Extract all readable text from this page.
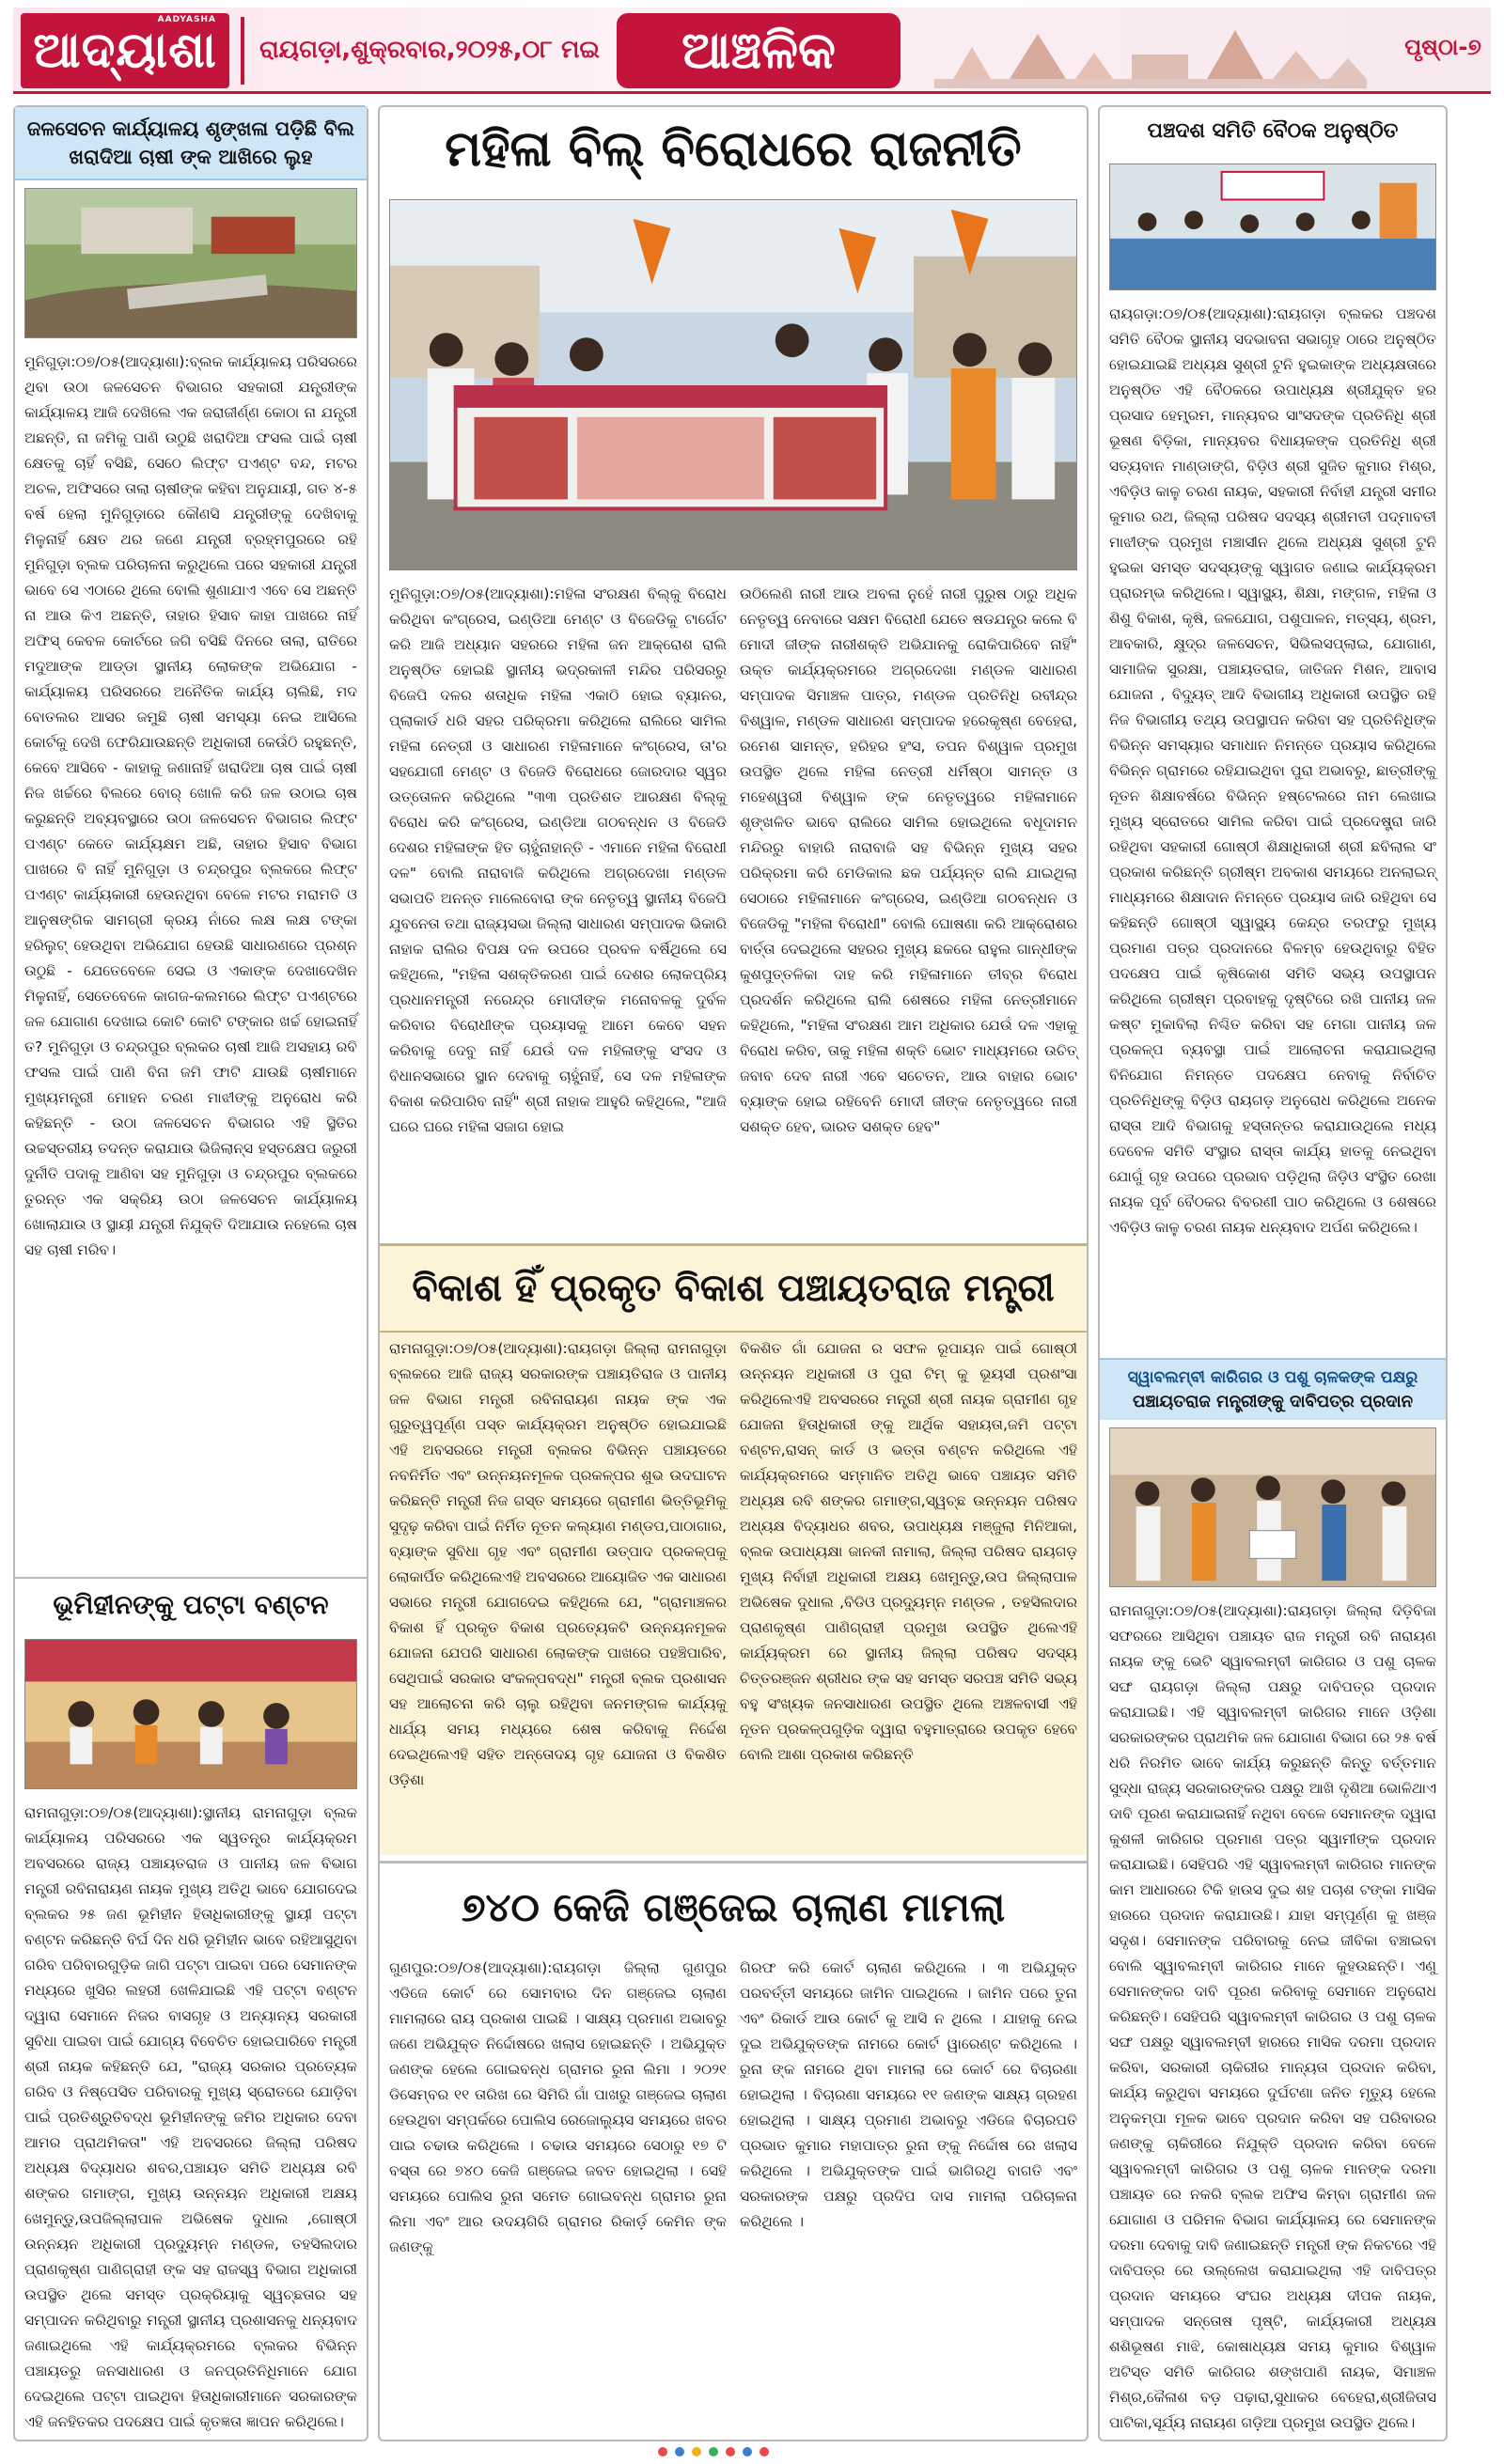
AADYASHA
ଆଦ୍ୟାଶା	ରାୟଗଡ଼ା,ଶୁକ୍ରବାର,୨୦୨୫,୦୮ ମଇ	ଆଞ୍ଚଳିକ	ପୃଷ୍ଠା-୭
ଜଳସେଚନ କାର୍ଯ୍ୟାଳୟ ଶୃଙ୍ଖଳା ପଡ଼ିଛି ବିଲ ଖରାଦିଆ ଚାଷୀ ଙ୍କ ଆଖିରେ ଲୁହ
ମୁନିଗୁଡ଼ା:୦୭/୦୫(ଆଦ୍ୟାଶା):ବ୍ଲକ କାର୍ଯ୍ୟାଳୟ ପରିସରରେ ଥିବା ଉଠା ଜଳସେଚନ ବିଭାଗର ସହକାରୀ ଯନ୍ତ୍ରୀଙ୍କ କାର୍ଯ୍ୟାଳୟ ଆଜି ଦେଖିଲେ ଏକ ଜରାଜୀର୍ଣ୍ଣ କୋଠା ନା ଯନ୍ତ୍ରୀ ଅଛନ୍ତି, ନା ଜମିକୁ ପାଣି ଉଠୁଛି ଖରାଦିଆ ଫସଲ ପାଇଁ ଚାଷୀ କ୍ଷେତକୁ ଚାହିଁ ବସିଛି, ସେଠେ ଲିଫ୍ଟ ପଏଣ୍ଟ ବନ୍ଦ, ମଟର ଅଚଳ, ଅଫିସରେ ତାଲା ଚାଷୀଙ୍କ କହିବା ଅନୁଯାୟୀ, ଗତ ୪-୫ ବର୍ଷ ହେଲା ମୁନିଗୁଡ଼ାରେ କୌଣସି ଯନ୍ତ୍ରୀଙ୍କୁ ଦେଖିବାକୁ ମିଳୁନାହିଁ କ୍ଷେତ ଥର ଜଣେ ଯନ୍ତ୍ରୀ ବ୍ରହ୍ମପୁରରେ ରହି ମୁନିଗୁଡ଼ା ବ୍ଲକ ପରିଚାଳନା କରୁଥିଲେ ପରେ ସହକାରୀ ଯନ୍ତ୍ରୀ ଭାବେ ସେ ଏଠାରେ ଥିଲେ ବୋଲି ଶୁଣାଯାଏ ଏବେ ସେ ଅଛନ୍ତି ନା ଆଉ କିଏ ଅଛନ୍ତି, ତାହାର ହିସାବ କାହା ପାଖରେ ନାହିଁ ଅଫିସ୍ କେବଳ କୋର୍ଟରେ ଜଗି ବସିଛି ଦିନରେ ତାଲା, ରାତିରେ ମଦୁଆଙ୍କ ଆଡ୍ଡା ସ୍ଥାନୀୟ ଲୋକଙ୍କ ଅଭିଯୋଗ - କାର୍ଯ୍ୟାଳୟ ପରିସରରେ ଅନୈତିକ କାର୍ଯ୍ୟ ଚାଲିଛି, ମଦ ବୋତଲର ଆସର ଜମୁଛି ଚାଷୀ ସମସ୍ୟା ନେଇ ଆସିଲେ କୋର୍ଟକୁ ଦେଖି ଫେରିଯାଉଛନ୍ତି ଅଧିକାରୀ କେଉଁଠି ରହୁଛନ୍ତି, କେବେ ଆସିବେ - କାହାକୁ ଜଣାନାହିଁ ଖରାଦିଆ ଚାଷ ପାଇଁ ଚାଷୀ ନିଜ ଖର୍ଚ୍ଚରେ ବିଲରେ ବୋର୍ ଖୋଳି କରି ଜଳ ଉଠାଇ ଚାଷ କରୁଛନ୍ତି ଅବ୍ୟବସ୍ଥାରେ ଉଠା ଜଳସେଚନ ବିଭାଗର ଲିଫ୍ଟ ପଏଣ୍ଟ କେତେ କାର୍ଯ୍ୟକ୍ଷମ ଅଛି, ତାହାର ହିସାବ ବିଭାଗ ପାଖରେ ବି ନାହିଁ ମୁନିଗୁଡ଼ା ଓ ଚନ୍ଦ୍ରପୁର ବ୍ଲକରେ ଲିଫ୍ଟ ପଏଣ୍ଟ କାର୍ଯ୍ୟକାରୀ ହେଉନଥିବା ବେଳେ ମଟର ମରାମତି ଓ ଆନୁଷଙ୍ଗିକ ସାମଗ୍ରୀ କ୍ରୟ ନାଁରେ ଲକ୍ଷ ଲକ୍ଷ ଟଙ୍କା ହରିଲୁଟ୍ ହେଉଥିବା ଅଭିଯୋଗ ହେଉଛି ସାଧାରଣରେ ପ୍ରଶ୍ନ ଉଠୁଛି - ଯେତେବେଳେ ସେଇ ଓ ଏକାଙ୍କ ଦେଖାଦେଖିନ ମିଳୁନାହିଁ, ସେତେବେଳେ କାଗଜ-କଲମରେ ଲିଫ୍ଟ ପଏଣ୍ଟରେ ଜଳ ଯୋଗାଣ ଦେଖାଇ କୋଟି କୋଟି ଟଙ୍କାର ଖର୍ଚ୍ଚ ହୋଇନାହିଁ ତ? ମୁନିଗୁଡ଼ା ଓ ଚନ୍ଦ୍ରପୁର ବ୍ଲକର ଚାଷୀ ଆଜି ଅସହାୟ ରବି ଫସଲ ପାଇଁ ପାଣି ବିନା ଜମି ଫାଟି ଯାଉଛି ଚାଷୀମାନେ ମୁଖ୍ୟମନ୍ତ୍ରୀ ମୋହନ ଚରଣ ମାଝୀଙ୍କୁ ଅନୁରୋଧ କରି କହିଛନ୍ତି - ଉଠା ଜଳସେଚନ ବିଭାଗର ଏହି ସ୍ଥିତିର ଉଚ୍ଚସ୍ତରୀୟ ତଦନ୍ତ କରାଯାଉ ଭିଜିଲାନ୍ସ ହସ୍ତକ୍ଷେପ ଜରୁରୀ ଦୁର୍ନୀତି ପଦାକୁ ଆଣିବା ସହ ମୁନିଗୁଡ଼ା ଓ ଚନ୍ଦ୍ରପୁର ବ୍ଲକରେ ତୁରନ୍ତ ଏକ ସକ୍ରିୟ ଉଠା ଜଳସେଚନ କାର୍ଯ୍ୟାଳୟ ଖୋଲାଯାଉ ଓ ସ୍ଥାୟୀ ଯନ୍ତ୍ରୀ ନିଯୁକ୍ତି ଦିଆଯାଉ ନହେଲେ ଚାଷ ସହ ଚାଷୀ ମରିବ।
ଭୂମିହୀନଙ୍କୁ ପଟ୍ଟା ବଣ୍ଟନ
ରାମନାଗୁଡ଼ା:୦୭/୦୫(ଆଦ୍ୟାଶା):ସ୍ଥାନୀୟ ରାମନାଗୁଡ଼ା ବ୍ଲକ କାର୍ଯ୍ୟାଳୟ ପରିସରରେ ଏକ ସ୍ୱତନ୍ତ୍ର କାର୍ଯ୍ୟକ୍ରମ ଅବସରରେ ରାଜ୍ୟ ପଞ୍ଚାୟତରାଜ ଓ ପାନୀୟ ଜଳ ବିଭାଗ ମନ୍ତ୍ରୀ ରବିନାରାୟଣ ନାୟକ ମୁଖ୍ୟ ଅତିଥି ଭାବେ ଯୋଗଦେଇ ବ୍ଲକର ୨୫ ଜଣ ଭୂମିହୀନ ହିତାଧିକାରୀଙ୍କୁ ସ୍ଥାୟୀ ପଟ୍ଟା ବଣ୍ଟନ କରିଛନ୍ତି ବିର୍ଘ ଦିନ ଧରି ଭୂମିହୀନ ଭାବେ ରହିଆସୁଥିବା ଗରିବ ପରିବାରଗୁଡ଼ିକ ଜାଗି ପଟ୍ଟା ପାଇବା ପରେ ସେମାନଙ୍କ ମଧ୍ୟରେ ଖୁସିର ଲହରୀ ଖେଳିଯାଇଛି ଏହି ପଟ୍ଟା ବଣ୍ଟନ ଦ୍ୱାରା ସେମାନେ ନିଜର ବାସଗୃହ ଓ ଅନ୍ୟାନ୍ୟ ସରକାରୀ ସୁବିଧା ପାଇବା ପାଇଁ ଯୋଗ୍ୟ ବିବେଚିତ ହୋଇପାରିବେ ମନ୍ତ୍ରୀ ଶ୍ରୀ ନାୟକ କହିଛନ୍ତି ଯେ, "ରାଜ୍ୟ ସରକାର ପ୍ରତ୍ୟେକ ଗରିବ ଓ ନିଷ୍ପେସିତ ପରିବାରକୁ ମୁଖ୍ୟ ସ୍ରୋତରେ ଯୋଡ଼ିବା ପାଇଁ ପ୍ରତିଶ୍ରୁତିବଦ୍ଧ ଭୂମିହୀନଙ୍କୁ ଜମିର ଅଧିକାର ଦେବା ଆମର ପ୍ରାଥମିକତା" ଏହି ଅବସରରେ ଜିଲ୍ଲା ପରିଷଦ ଅଧ୍ୟକ୍ଷ ବିଦ୍ୟାଧର ଶବର,ପଞ୍ଚାୟତ ସମିତି ଅଧ୍ୟକ୍ଷ ରବି ଶଙ୍କର ଗମାଙ୍ଗ, ମୁଖ୍ୟ ଉନ୍ନୟନ ଅଧିକାରୀ ଅକ୍ଷୟ ଖେମୁନ୍ଡୁ,ଉପଜିଲ୍ଲାପାଳ ଅଭିଷେକ ଦୁଧାଲ ,ଗୋଷ୍ଠୀ ଉନ୍ନୟନ ଅଧିକାରୀ ପ୍ରଦ୍ୟୁମ୍ନ ମଣ୍ଡଳ, ତହସିଲଦାର ପ୍ରାଣକୃଷ୍ଣ ପାଣିଗ୍ରାହୀ ଙ୍କ ସହ ରାଜସ୍ୱ ବିଭାଗ ଅଧିକାରୀ ଉପସ୍ଥିତ ଥିଲେ ସମସ୍ତ ପ୍ରକ୍ରିୟାକୁ ସ୍ୱଚ୍ଛତାର ସହ ସମ୍ପାଦନ କରିଥିବାରୁ ମନ୍ତ୍ରୀ ସ୍ଥାନୀୟ ପ୍ରଶାସନକୁ ଧନ୍ୟବାଦ ଜଣାଇଥିଲେ ଏହି କାର୍ଯ୍ୟକ୍ରମରେ ବ୍ଲକର ବିଭିନ୍ନ ପଞ୍ଚାୟତରୁ ଜନସାଧାରଣ ଓ ଜନପ୍ରତିନିଧିମାନେ ଯୋଗ ଦେଇଥିଲେ ପଟ୍ଟା ପାଇଥିବା ହିତାଧିକାରୀମାନେ ସରକାରଙ୍କ ଏହି ଜନହିତକର ପଦକ୍ଷେପ ପାଇଁ କୃତଜ୍ଞତା ଜ୍ଞାପନ କରିଥିଲେ।
ମହିଳା ବିଲ୍ ବିରୋଧରେ ରାଜନୀତି
ମୁନିଗୁଡ଼ା:୦୭/୦୫(ଆଦ୍ୟାଶା):ମହିଳା ସଂରକ୍ଷଣ ବିଲ୍‌କୁ ବିରୋଧ କରିଥିବା କଂଗ୍ରେସ, ଇଣ୍ଡିଆ ମେଣ୍ଟ ଓ ବିଜେଡିକୁ ଟାର୍ଗେଟ କରି ଆଜି ଅଧ୍ୟାନ ସହରରେ ମହିଳା ଜନ ଆକ୍ରୋଶ ରାଲି ଅନୁଷ୍ଠିତ ହୋଇଛି ସ୍ଥାନୀୟ ଭଦ୍ରକାଳୀ ମନ୍ଦିର ପରିସରରୁ ବିଜେପି ଦଳର ଶତାଧିକ ମହିଳା ଏକାଠି ହୋଇ ବ୍ୟାନର, ପ୍ଲାକାର୍ଡ ଧରି ସହର ପରିକ୍ରମା କରିଥିଲେ ରାଲିରେ ସାମିଲ ମହିଳା ନେତ୍ରୀ ଓ ସାଧାରଣ ମହିଳାମାନେ କଂଗ୍ରେସ, ତା'ର ସହଯୋଗୀ ମେଣ୍ଟ ଓ ବିଜେଡି ବିରୋଧରେ ଜୋରଦାର ସ୍ୱର ଉତ୍ତୋଳନ କରିଥିଲେ "୩୩ ପ୍ରତିଶତ ଆରକ୍ଷଣ ବିଲ୍‌କୁ ବିରୋଧ କରି କଂଗ୍ରେସ, ଇଣ୍ଡିଆ ଗଠବନ୍ଧନ ଓ ବିଜେଡି ଦେଶର ମହିଳାଙ୍କ ହିତ ଚାହୁଁନାହାନ୍ତି - ଏମାନେ ମହିଳା ବିରୋଧୀ ଦଳ" ବୋଲି ନାରାବାଜି କରିଥିଲେ ଅଗ୍ରଦେଖା ମଣ୍ଡଳ ସଭାପତି ଅନନ୍ତ ମାଲେବୋରା ଙ୍କ ନେତୃତ୍ୱ ସ୍ଥାନୀୟ ବିଜେପି ଯୁବନେତା ତଥା ରାଜ୍ୟସଭା ଜିଲ୍ଲା ସାଧାରଣ ସମ୍ପାଦକ ଭିକାରି ନାହାକ ରାଲିର ବିପକ୍ଷ ଦଳ ଉପରେ ପ୍ରବଳ ବର୍ଷିଥିଲେ ସେ କହିଥିଲେ, "ମହିଳା ସଶକ୍ତିକରଣ ପାଇଁ ଦେଶର ଲୋକପ୍ରିୟ ପ୍ରଧାନମନ୍ତ୍ରୀ ନରେନ୍ଦ୍ର ମୋଦୀଙ୍କ ମନୋବଳକୁ ଦୁର୍ବଳ କରିବାର ବିରୋଧୀଙ୍କ ପ୍ରୟାସକୁ ଆମେ କେବେ ସହନ କରିବାକୁ ଦେବୁ ନାହିଁ ଯେଉଁ ଦଳ ମହିଳାଙ୍କୁ ସଂସଦ ଓ ବିଧାନସଭାରେ ସ୍ଥାନ ଦେବାକୁ ଚାହୁଁନାହିଁ, ସେ ଦଳ ମହିଳାଙ୍କ ବିକାଶ କରିପାରିବ ନାହିଁ" ଶ୍ରୀ ନାହାକ ଆହୁରି କହିଥିଲେ, "ଆଜି ଘରେ ଘରେ ମହିଳା ସଜାଗ ହୋଇ
ଉଠିଲେଣି ନାରୀ ଆଉ ଅବଳା ନୁହେଁ ନାରୀ ପୁରୁଷ ଠାରୁ ଅଧିକ ନେତୃତ୍ୱ ନେବାରେ ସକ୍ଷମ ବିରୋଧୀ ଯେତେ ଷଡଯନ୍ତ୍ର କଲେ ବି ମୋଦୀ ଜୀଙ୍କ ନାରୀଶକ୍ତି ଅଭିଯାନକୁ ରୋକିପାରିବେ ନାହିଁ" ଉକ୍ତ କାର୍ଯ୍ୟକ୍ରମରେ ଅଗ୍ରଦେଖା ମଣ୍ଡଳ ସାଧାରଣ ସମ୍ପାଦକ ସିମାଞ୍ଚଳ ପାତ୍ର, ମଣ୍ଡଳ ପ୍ରତିନିଧି ରବୀନ୍ଦ୍ର ବିଶ୍ୱାଳ, ମଣ୍ଡଳ ସାଧାରଣ ସମ୍ପାଦକ ହରେକୃଷ୍ଣ ବେହେରା, ରମେଶ ସାମନ୍ତ, ହରିହର ହଂସ, ତପନ ବିଶ୍ୱାଳ ପ୍ରମୁଖ ଉପସ୍ଥିତ ଥିଲେ ମହିଳା ନେତ୍ରୀ ଧର୍ମିଷ୍ଠା ସାମନ୍ତ ଓ ମହେଶ୍ୱରୀ ବିଶ୍ୱାଳ ଙ୍କ ନେତୃତ୍ୱରେ ମହିଳାମାନେ ଶୃଙ୍ଖଳିତ ଭାବେ ରାଲିରେ ସାମିଲ ହୋଇଥିଲେ ବଧୂଦାମନ ମନ୍ଦିରରୁ ବାହାରି ନାରାବାଜି ସହ ବିଭିନ୍ନ ମୁଖ୍ୟ ସହର ପରିକ୍ରମା କରି ମେଡିକାଲ ଛକ ପର୍ଯ୍ୟନ୍ତ ରାଲି ଯାଇଥିଲା ସେଠାରେ ମହିଳାମାନେ କଂଗ୍ରେସ, ଇଣ୍ଡିଆ ଗଠବନ୍ଧନ ଓ ବିଜେଡିକୁ "ମହିଳା ବିରୋଧୀ" ବୋଲି ଘୋଷଣା କରି ଆକ୍ରୋଶର ବାର୍ତ୍ତା ଦେଇଥିଲେ ସହରର ମୁଖ୍ୟ ଛକରେ ରାହୁଲ ଗାନ୍ଧୀଙ୍କ କୁଶପୁତ୍ତଳିକା ଦାହ କରି ମହିଳାମାନେ ତୀବ୍ର ବିରୋଧ ପ୍ରଦର୍ଶନ କରିଥିଲେ ରାଲି ଶେଷରେ ମହିଳା ନେତ୍ରୀମାନେ କହିଥିଲେ, "ମହିଳା ସଂରକ୍ଷଣ ଆମ ଅଧିକାର ଯେଉଁ ଦଳ ଏହାକୁ ବିରୋଧ କରିବ, ତାକୁ ମହିଳା ଶକ୍ତି ଭୋଟ ମାଧ୍ୟମରେ ଉଚିତ୍ ଜବାବ ଦେବ ନାରୀ ଏବେ ସଚେତନ, ଆଉ ବାହାର ଭୋଟ ବ୍ୟାଙ୍କ ହୋଇ ରହିବେନି ମୋଦୀ ଜୀଙ୍କ ନେତୃତ୍ୱରେ ନାରୀ ସଶକ୍ତ ହେବ, ଭାରତ ସଶକ୍ତ ହେବ"
ବିକାଶ ହିଁ ପ୍ରକୃତ ବିକାଶ ପଞ୍ଚାୟତରାଜ ମନ୍ତ୍ରୀ
ରାମନାଗୁଡ଼ା:୦୭/୦୫(ଆଦ୍ୟାଶା):ରାୟଗଡ଼ା ଜିଲ୍ଲା ରାମନାଗୁଡ଼ା ବ୍ଲକରେ ଆଜି ରାଜ୍ୟ ସରକାରଙ୍କ ପଞ୍ଚାୟତିରାଜ ଓ ପାନୀୟ ଜଳ ବିଭାଗ ମନ୍ତ୍ରୀ ରବିନାରାୟଣ ନାୟକ ଙ୍କ ଏକ ଗୁରୁତ୍ୱପୂର୍ଣ୍ଣ ପସ୍ତ କାର୍ଯ୍ୟକ୍ରମ ଅନୁଷ୍ଠିତ ହୋଇଯାଇଛି ଏହି ଅବସରରେ ମନ୍ତ୍ରୀ ବ୍ଲକର ବିଭିନ୍ନ ପଞ୍ଚାୟତରେ ନବନିର୍ମିତ ଏବଂ ଉନ୍ନୟନମୂଳକ ପ୍ରକଳ୍ପର ଶୁଭ ଉଦଘାଟନ କରିଛନ୍ତି ମନ୍ତ୍ରୀ ନିଜ ଗସ୍ତ ସମୟରେ ଗ୍ରାମୀଣ ଭିତ୍ତିଭୂମିକୁ ସୁଦୃଢ଼ କରିବା ପାଇଁ ନିର୍ମିତ ନୂତନ କଲ୍ୟାଣ ମଣ୍ଡପ,ପାଠାଗାର, ବ୍ୟାଙ୍କ ସୁବିଧା ଗୃହ ଏବଂ ଗ୍ରାମୀଣ ଉତ୍ପାଦ ପ୍ରକଳ୍ପକୁ ଲୋକାର୍ପିତ କରିଥିଲେଏହି ଅବସରରେ ଆୟୋଜିତ ଏକ ସାଧାରଣ ସଭାରେ ମନ୍ତ୍ରୀ ଯୋଗଦେଇ କହିଥିଲେ ଯେ, "ଗ୍ରାମାଞ୍ଚଳର ବିକାଶ ହିଁ ପ୍ରକୃତ ବିକାଶ ପ୍ରତ୍ୟେକଟି ଉନ୍ନୟନମୂଳକ ଯୋଜନା ଯେପରି ସାଧାରଣ ଲୋକଙ୍କ ପାଖରେ ପହଞ୍ଚିପାରିବ, ସେଥିପାଇଁ ସରକାର ସଂକଳ୍ପବଦ୍ଧ" ମନ୍ତ୍ରୀ ବ୍ଲକ ପ୍ରଶାସନ ସହ ଆଲୋଚନା କରି ଚାଲୁ ରହିଥିବା ଜନମଙ୍ଗଳ କାର୍ଯ୍ୟକୁ ଧାର୍ଯ୍ୟ ସମୟ ମଧ୍ୟରେ ଶେଷ କରିବାକୁ ନିର୍ଦ୍ଦେଶ ଦେଇଥିଲେଏହି ସହିତ ଅନ୍ତୋଦୟ ଗୃହ ଯୋଜନା ଓ ବିକଶିତ ଓଡ଼ିଶା
ବିକଶିତ ଗାଁ ଯୋଜନା ର ସଫଳ ରୂପାୟନ ପାଇଁ ଗୋଷ୍ଠୀ ଉନ୍ନୟନ ଅଧିକାରୀ ଓ ପୁରା ଟିମ୍ କୁ ଭୂୟସୀ ପ୍ରଶଂସା କରିଥିଲେଏହି ଅବସରରେ ମନ୍ତ୍ରୀ ଶ୍ରୀ ନାୟକ ଗ୍ରାମୀଣ ଗୃହ ଯୋଜନା ହିତାଧିକାରୀ ଙ୍କୁ ଆର୍ଥିକ ସହାୟତା,ଜମି ପଟ୍ଟା ବଣ୍ଟନ,ରାସନ୍ କାର୍ଡ ଓ ଭତ୍ତା ବଣ୍ଟନ କରିଥିଲେ ଏହି କାର୍ଯ୍ୟକ୍ରମରେ ସମ୍ମାନିତ ଅତିଥି ଭାବେ ପଞ୍ଚାୟତ ସମିତି ଅଧ୍ୟକ୍ଷ ରବି ଶଙ୍କର ଗମାଙ୍ଗ,ସ୍ୱଚ୍ଛ ଉନ୍ନୟନ ପରିଷଦ ଅଧ୍ୟକ୍ଷ ବିଦ୍ୟାଧର ଶବର, ଉପାଧ୍ୟକ୍ଷ ମଞ୍ଜୁଲା ମିନିଆକା, ବ୍ଲକ ଉପାଧ୍ୟକ୍ଷା ଜାନକୀ ନାମାଲା, ଜିଲ୍ଲା ପରିଷଦ ରାୟଗଡ଼ ମୁଖ୍ୟ ନିର୍ବାହୀ ଅଧିକାରୀ ଅକ୍ଷୟ ଖେମୁନ୍ଡୁ,ଉପ ଜିଲ୍ଲାପାଳ ଅଭିଷେକ ଦୁଧାଲ ,ବିଡିଓ ପ୍ରଦ୍ୟୁମ୍ନ ମଣ୍ଡଳ , ତହସିଲଦାର ପ୍ରାଣକୃଷ୍ଣ ପାଣିଗ୍ରାହୀ ପ୍ରମୁଖ ଉପସ୍ଥିତ ଥିଲେଏହି କାର୍ଯ୍ୟକ୍ରମ ରେ ସ୍ଥାନୀୟ ଜିଲ୍ଲା ପରିଷଦ ସଦସ୍ୟ ଚିତ୍ତରଞ୍ଜନ ଶ୍ରୀଧର ଙ୍କ ସହ ସମସ୍ତ ସରପଞ୍ଚ ସମିତି ସଭ୍ୟ ବହୁ ସଂଖ୍ୟକ ଜନସାଧାରଣ ଉପସ୍ଥିତ ଥିଲେ ଅଞ୍ଚଳବାସୀ ଏହି ନୂତନ ପ୍ରକଳ୍ପଗୁଡ଼ିକ ଦ୍ୱାରା ବହୁମାତ୍ରାରେ ଉପକୃତ ହେବେ ବୋଲି ଆଶା ପ୍ରକାଶ କରିଛନ୍ତି
୭୪୦ କେଜି ଗଞ୍ଜେଇ ଚାଲାଣ ମାମଲା
ଗୁଣପୁର:୦୭/୦୫(ଆଦ୍ୟାଶା):ରାୟଗଡ଼ା ଜିଲ୍ଲା ଗୁଣପୁର ଏଡିଜେ କୋର୍ଟ ରେ ସୋମବାର ଦିନ ଗଞ୍ଜେଇ ଚାଲାଣ ମାମଲାରେ ରାୟ ପ୍ରକାଶ ପାଇଛି । ସାକ୍ଷ୍ୟ ପ୍ରମାଣ ଅଭାବରୁ ଜଣେ ଅଭିଯୁକ୍ତ ନିର୍ଦ୍ଦୋଷରେ ଖଲାସ ହୋଇଛନ୍ତି । ଅଭିଯୁକ୍ତ ଜଣଙ୍କ ହେଲେ ଗୋଇବନ୍ଧ ଗ୍ରାମର ରୁନା ଲିମା । ୨୦୨୧ ଡିସେମ୍ବର ୧୧ ତାରିଖ ରେ ସିମିରି ଗାଁ ପାଖରୁ ଗଞ୍ଜେଇ ଚାଲାଣ ହେଉଥିବା ସମ୍ପର୍କରେ ପୋଲିସ ରେଜୋଲ୍ୟୁସ ସମୟରେ ଖବର ପାଇ ଚଢାଉ କରିଥିଲେ । ଚଢାଉ ସମୟରେ ସେଠାରୁ ୧୭ ଟି ବସ୍ତା ରେ ୭୪୦ କେଜି ଗଞ୍ଜେଇ ଜବତ ହୋଇଥିଲା । ସେହି ସମୟରେ ପୋଲିସ ରୁନା ସମେତ ଗୋଇବନ୍ଧ ଗ୍ରାମର ରୁନା ଲିମା ଏବଂ ଆର ଉଦୟଗିରି ଗ୍ରାମର ରିକାର୍ଡ଼ କେମିନ ଙ୍କ ଜଣଙ୍କୁ
ଗିରଫ କରି କୋର୍ଟ ଚାଲାଣ କରିଥିଲେ । ୩ ଅଭିଯୁକ୍ତ ପରବର୍ତ୍ତୀ ସମୟରେ ଜାମିନ ପାଇଥିଲେ । ଜାମିନ ପରେ ତୁନା ଏବଂ ରିକାର୍ଡ ଆଉ କୋର୍ଟ କୁ ଆସି ନ ଥିଲେ । ଯାହାକୁ ନେଇ ଦୁଇ ଅଭିଯୁକ୍ତଙ୍କ ନାମରେ କୋର୍ଟ ୱାରେଣ୍ଟ କରିଥିଲେ । ରୁନା ଙ୍କ ନାମରେ ଥିବା ମାମଲା ରେ କୋର୍ଟ ରେ ବିଚାରଣା ହୋଇଥିଲା । ବିଚାରଣା ସମୟରେ ୧୧ ଜଣଙ୍କ ସାକ୍ଷ୍ୟ ଗ୍ରହଣ ହୋଇଥିଲା । ସାକ୍ଷ୍ୟ ପ୍ରମାଣ ଅଭାବରୁ ଏଡିଜେ ବିଚାରପତି ପ୍ରଭାତ କୁମାର ମହାପାତ୍ର ରୁନା ଙ୍କୁ ନିର୍ଦ୍ଦୋଷ ରେ ଖଲାସ କରିଥିଲେ । ଅଭିଯୁକ୍ତଙ୍କ ପାଇଁ ଭାଗିରଥି ବାଗତି ଏବଂ ସରକାରଙ୍କ ପକ୍ଷରୁ ପ୍ରଦିପ ଦାସ ମାମଲା ପରିଚାଳନା କରିଥିଲେ ।
ପଞ୍ଚଦଶ ସମିତି ବୈଠକ ଅନୁଷ୍ଠିତ
ରାୟଗଡ଼ା:୦୭/୦୫(ଆଦ୍ୟାଶା):ରାୟଗଡ଼ା ବ୍ଲକର ପଞ୍ଚଦଶ ସମିତି ବୈଠକ ସ୍ଥାନୀୟ ସଦଭାବନା ସଭାଗୃହ ଠାରେ ଅନୁଷ୍ଠିତ ହୋଇଯାଇଛି ଅଧ୍ୟକ୍ଷ ସୁଶ୍ରୀ ଟୁନି ହୁଇକାଙ୍କ ଅଧ୍ୟକ୍ଷତାରେ ଅନୁଷ୍ଠିତ ଏହି ବୈଠକରେ ଉପାଧ୍ୟକ୍ଷ ଶ୍ରୀଯୁକ୍ତ ହର ପ୍ରସାଦ ହେମ୍ବ୍ରମ, ମାନ୍ୟବର ସାଂସଦଙ୍କ ପ୍ରତିନିଧି ଶ୍ରୀ ଭୂଷଣ ବିଡ଼ିକା, ମାନ୍ୟବର ବିଧାୟକଙ୍କ ପ୍ରତିନିଧି ଶ୍ରୀ ସତ୍ୟବାନ ମାଣ୍ଡାଙ୍ଗି, ବିଡ଼ିଓ ଶ୍ରୀ ସୁଜିତ କୁମାର ମିଶ୍ର, ଏବିଡ଼ିଓ କାଳୁ ଚରଣ ନାୟକ, ସହକାରୀ ନିର୍ବାହୀ ଯନ୍ତ୍ରୀ ସମୀର କୁମାର ରଥ, ଜିଲ୍ଲା ପରିଷଦ ସଦସ୍ୟ ଶ୍ରୀମତୀ ପଦ୍ମାବତୀ ମାଝୀଙ୍କ ପ୍ରମୁଖ ମଞ୍ଚାସୀନ ଥିଲେ ଅଧ୍ୟକ୍ଷ ସୁଶ୍ରୀ ଟୁନି ହୁଇକା ସମସ୍ତ ସଦସ୍ୟଙ୍କୁ ସ୍ୱାଗତ ଜଣାଇ କାର୍ଯ୍ୟକ୍ରମ ପ୍ରାରମ୍ଭ କରିଥିଲେ। ସ୍ୱାସ୍ଥ୍ୟ, ଶିକ୍ଷା, ମଙ୍ଗଳ, ମହିଳା ଓ ଶିଶୁ ବିକାଶ, କୃଷି, ଜଳଯୋଗ, ପଶୁପାଳନ, ମତ୍ସ୍ୟ, ଶ୍ରମ, ଆବକାରି, କ୍ଷୁଦ୍ର ଜଳସେଚନ, ସିଭିଲସପ୍ଲାଇ, ଯୋଗାଣ, ସାମାଜିକ ସୁରକ୍ଷା, ପଞ୍ଚାୟତରାଜ, ଜାତିଜନ ମିଶନ, ଆବାସ ଯୋଜନା , ବିଦ୍ୟୁତ୍ ଆଦି ବିଭାଗୀୟ ଅଧିକାରୀ ଉପସ୍ଥିତ ରହି ନିଜ ବିଭାଗୀୟ ତଥ୍ୟ ଉପସ୍ଥାପନ କରିବା ସହ ପ୍ରତିନିଧିଙ୍କ ବିଭିନ୍ନ ସମସ୍ୟାର ସମାଧାନ ନିମନ୍ତେ ପ୍ରୟାସ କରିଥିଲେ ବିଭିନ୍ନ ଗ୍ରାମରେ ରହିଯାଇଥିବା ପୁରା ଅଭାବରୁ, ଛାତ୍ରୀଙ୍କୁ ନୂତନ ଶିକ୍ଷାବର୍ଷରେ ବିଭିନ୍ନ ହଷ୍ଟେଲରେ ନାମ ଲେଖାଇ ମୁଖ୍ୟ ସ୍ରୋତରେ ସାମିଲ କରିବା ପାଇଁ ପ୍ରଦେଷ୍ଟ୍ରା ଜାରି ରହିଥିବା ସହକାରୀ ଗୋଷ୍ଠୀ ଶିକ୍ଷାଧିକାରୀ ଶ୍ରୀ ଛବିଲାଲ ସଂ ପ୍ରକାଶ କରିଛନ୍ତି ଗ୍ରୀଷ୍ମ ଅବକାଶ ସମୟରେ ଅନଲାଇନ୍ ମାଧ୍ୟମରେ ଶିକ୍ଷାଦାନ ନିମନ୍ତେ ପ୍ରୟାସ ଜାରି ରହିଥିବା ସେ କହିଛନ୍ତି ଗୋଷ୍ଠୀ ସ୍ୱାସ୍ଥ୍ୟ କେନ୍ଦ୍ର ତରଫରୁ ମୁଖ୍ୟ ପ୍ରମାଣ ପତ୍ର ପ୍ରଦାନରେ ବିଳମ୍ବ ହେଉଥିବାରୁ ବିହିତ ପଦକ୍ଷେପ ପାଇଁ କୃଷିକୋଶ ସମିତି ସଭ୍ୟ ଉପସ୍ଥାପନ କରିଥିଲେ ଗ୍ରୀଷ୍ମ ପ୍ରବାହକୁ ଦୃଷ୍ଟିରେ ରଖି ପାନୀୟ ଜଳ କଷ୍ଟ ମୁକାବିଲା ନିଶ୍ଚିତ କରିବା ସହ ମେଗା ପାନୀୟ ଜଳ ପ୍ରକଳ୍ପ ବ୍ୟବସ୍ଥା ପାଇଁ ଆଲୋଚନା କରାଯାଇଥିଲା ବିନିଯୋଗ ନିମନ୍ତେ ପଦକ୍ଷେପ ନେବାକୁ ନିର୍ବାଚିତ ପ୍ରତିନିଧିଙ୍କୁ ବିଡ଼ିଓ ରାୟଗଡ଼ ଅନୁରୋଧ କରିଥିଲେ ଅନେକ ରାସ୍ତା ଆଦି ବିଭାଗକୁ ହସ୍ତାନ୍ତର କରାଯାଉଥିଲେ ମଧ୍ୟ ଦେବେଳ ସମିତି ସଂସ୍ଥାର ରାସ୍ତା କାର୍ଯ୍ୟ ହାତକୁ ନେଇଥିବା ଯୋଗୁଁ ଗୃହ ଉପରେ ପ୍ରଭାବ ପଡ଼ିଥିଲା ଜିଡ଼ିଓ ସଂସ୍ଥିତ ରେଖା ନାୟକ ପୂର୍ବ ବୈଠକର ବିବରଣୀ ପାଠ କରିଥିଲେ ଓ ଶେଷରେ ଏବିଡ଼ିଓ କାଳୁ ଚରଣ ନାୟକ ଧନ୍ୟବାଦ ଅର୍ପଣ କରିଥିଲେ।
ସ୍ୱାବଲମ୍ବୀ କାରିଗର ଓ ପଶୁ ଚାଳକଙ୍କ ପକ୍ଷରୁ
ପଞ୍ଚାୟତରାଜ ମନ୍ତ୍ରୀଙ୍କୁ ଦାବିପତ୍ର ପ୍ରଦାନ
ରାମନାଗୁଡ଼ା:୦୭/୦୫(ଆଦ୍ୟାଶା):ରାୟଗଡ଼ା ଜିଲ୍ଲା ଦିଡ଼ିବିଜା ସଫରରେ ଆସିଥିବା ପଞ୍ଚାୟତ ରାଜ ମନ୍ତ୍ରୀ ରବି ନାରାୟଣ ନାୟକ ଙ୍କୁ ଭେଟି ସ୍ୱାବଲମ୍ବୀ କାରିଗର ଓ ପଶୁ ଚାଳକ ସଙ୍ଘ ରାୟଗଡ଼ା ଜିଲ୍ଲା ପକ୍ଷରୁ ଦାବିପତ୍ର ପ୍ରଦାନ କରାଯାଇଛି। ଏହି ସ୍ୱାବଲମ୍ବୀ କାରିଗର ମାନେ ଓଡ଼ିଶା ସରକାରଙ୍କର ପ୍ରାଥମିକ ଜଳ ଯୋଗାଣ ବିଭାଗ ରେ ୨୫ ବର୍ଷ ଧରି ନିରମିତ ଭାବେ କାର୍ଯ୍ୟ କରୁଛନ୍ତି କିନ୍ତୁ ବର୍ତ୍ତମାନ ସୁଦ୍ଧା ରାଜ୍ୟ ସରକାରଙ୍କର ପକ୍ଷରୁ ଆଖି ଦୃଶିଆ ଭୋଳିଥାଏ ଦାବି ପୂରଣ କରାଯାଇନାହିଁ ନଥିବା ବେଳେ ସେମାନଙ୍କ ଦ୍ୱାରା କୁଶଳୀ କାରିଗର ପ୍ରମାଣ ପତ୍ର ସ୍ୱାମୀଙ୍କ ପ୍ରଦାନ କରାଯାଇଛି। ସେହିପରି ଏହି ସ୍ୱାବଲମ୍ବୀ କାରିଗର ମାନଙ୍କ କାମ ଆଧାରରେ ଟିକି ହାଉସ ଦୁଇ ଶହ ପଚାଶ ଟଙ୍କା ମାସିକ ହାରରେ ପ୍ରଦାନ କରାଯାଉଛି। ଯାହା ସମ୍ପୂର୍ଣ୍ଣ କୁ ଖଞ୍ଜ ସଦୃଶ। ସେମାନଙ୍କ ପରିବାରକୁ ନେଇ ଜୀବିକା ବଞ୍ଚାଇବା ବୋଲି ସ୍ୱାବଲମ୍ବୀ କାରିଗର ମାନେ କୁହଉଛନ୍ତି। ଏଣୁ ସେମାନଙ୍କର ଦାବି ପୂରଣ କରିବାକୁ ସେମାନେ ଅନୁରୋଧ କରିଛନ୍ତି। ସେହିପରି ସ୍ୱାବଲମ୍ବୀ କାରିଗର ଓ ପଶୁ ଚାଳକ ସଙ୍ଘ ପକ୍ଷରୁ ସ୍ୱାବଲମ୍ବୀ ହାରରେ ମାସିକ ଦରମା ପ୍ରଦାନ କରିବା, ସରକାରୀ ଚାକିରୀର ମାନ୍ୟତା ପ୍ରଦାନ କରିବା, କାର୍ଯ୍ୟ କରୁଥିବା ସମୟରେ ଦୁର୍ଘଟଣା ଜନିତ ମୃତ୍ୟୁ ହେଲେ ଅନୁକମ୍ପା ମୂଳକ ଭାବେ ପ୍ରଦାନ କରିବା ସହ ପରିବାରର ଜଣଙ୍କୁ ଚାକିରୀରେ ନିଯୁକ୍ତି ପ୍ରଦାନ କରିବା ବେଳେ ସ୍ୱାବଲମ୍ବୀ କାରିଗର ଓ ପଶୁ ଚାଳକ ମାନଙ୍କ ଦରମା ପଞ୍ଚାୟତ ରେ ନକରି ବ୍ଲକ ଅଫିସ କିମ୍ବା ଗ୍ରାମୀଣ ଜଳ ଯୋଗାଣ ଓ ପରିମଳ ବିଭାଗ କାର୍ଯ୍ୟାଳୟ ରେ ସେମାନଙ୍କ ଦରମା ଦେବାକୁ ଦାବି ଜଣାଇଛନ୍ତି ମନ୍ତ୍ରୀ ଙ୍କ ନିକଟରେ ଏହି ଦାବିପତ୍ର ରେ ଉଲ୍ଲେଖ କରାଯାଇଥିଲା ଏହି ଦାବିପତ୍ର ପ୍ରଦାନ ସମୟରେ ସଂଘର ଅଧ୍ୟକ୍ଷ ଦୀପକ ନାୟକ, ସମ୍ପାଦକ ସନ୍ତୋଷ ପୃଷ୍ଟି, କାର୍ଯ୍ୟକାରୀ ଅଧ୍ୟକ୍ଷ ଶଶିଭୂଷଣ ମାଝି, କୋଷାଧ୍ୟକ୍ଷ ସମୟ କୁମାର ବିଶ୍ୱାଳ ଅଟିସ୍ତ ସମିତି କାରିଗର ଶଙ୍ଖପାଣି ନାୟକ, ସିମାଞ୍ଚଳ ମିଶ୍ର,କୈଳାଶ ବଡ଼ ପଢ଼ାରା,ସୁଧାକର ବେହେରା,ଶ୍ରୀଜିତାସ ପାଟିକା,ସୂର୍ଯ୍ୟ ନାରାୟଣ ଗଡ଼ିଆ ପ୍ରମୁଖ ଉପସ୍ଥିତ ଥିଲେ।
